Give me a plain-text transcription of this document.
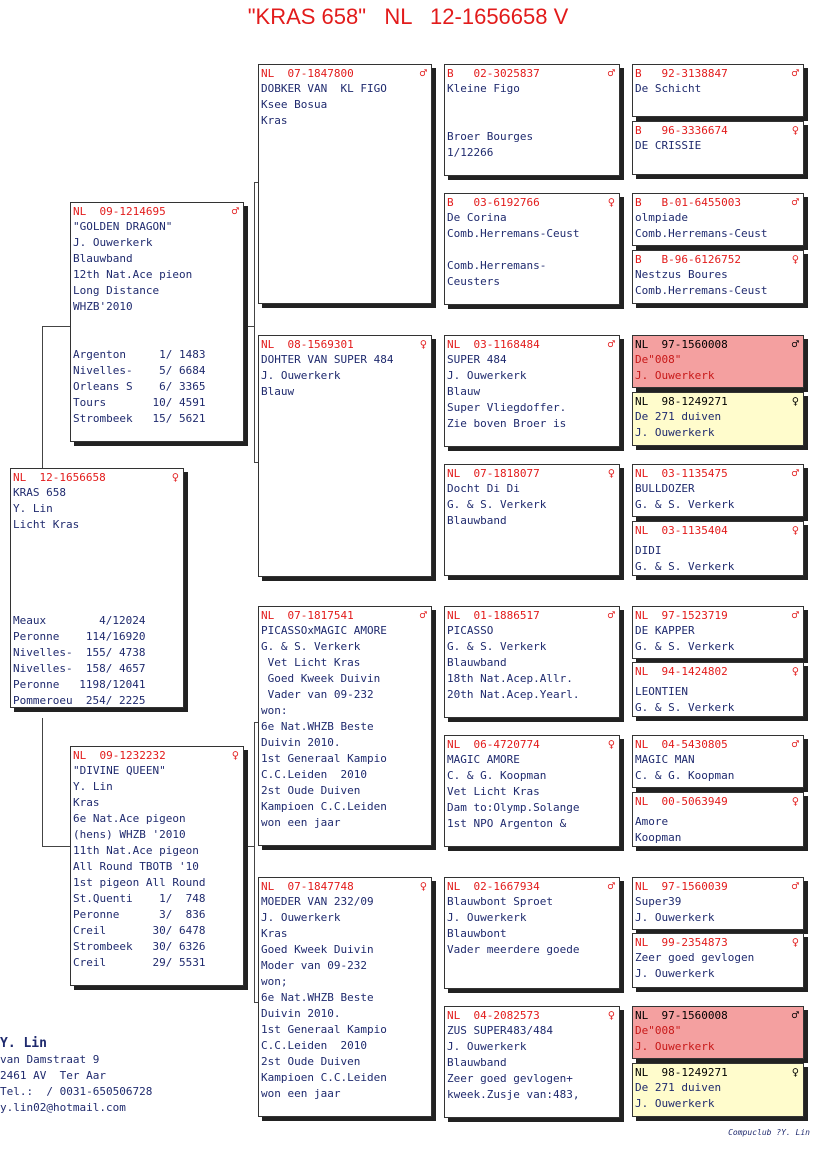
"KRAS 658"   NL   12-1656658 V
NL  12-1656658	♀
KRAS 658
Y. Lin
Licht Kras
Meaux        4/12024
Peronne    114/16920
Nivelles-  155/ 4738
Nivelles-  158/ 4657
Peronne   1198/12041
Pommeroeu  254/ 2225
NL  09-1214695	♂
"GOLDEN DRAGON"
J. Ouwerkerk
Blauwband
12th Nat.Ace pieon
Long Distance
WHZB'2010
Argenton     1/ 1483
Nivelles-    5/ 6684
Orleans S    6/ 3365
Tours       10/ 4591
Strombeek   15/ 5621
NL  09-1232232	♀
"DIVINE QUEEN"
Y. Lin
Kras
6e Nat.Ace pigeon
(hens) WHZB '2010
11th Nat.Ace pigeon
All Round TBOTB '10
1st pigeon All Round
St.Quenti    1/  748
Peronne      3/  836
Creil       30/ 6478
Strombeek   30/ 6326
Creil       29/ 5531
NL  07-1847800	♂
DOBKER VAN  KL FIGO
Ksee Bosua
Kras
NL  08-1569301	♀
DOHTER VAN SUPER 484
J. Ouwerkerk
Blauw
NL  07-1817541	♂
PICASSOxMAGIC AMORE
G. & S. Verkerk
Vet Licht Kras
Goed Kweek Duivin
Vader van 09-232
won:
6e Nat.WHZB Beste
Duivin 2010.
1st Generaal Kampio
C.C.Leiden  2010
2st Oude Duiven
Kampioen C.C.Leiden
won een jaar
NL  07-1847748	♀
MOEDER VAN 232/09
J. Ouwerkerk
Kras
Goed Kweek Duivin
Moder van 09-232
won;
6e Nat.WHZB Beste
Duivin 2010.
1st Generaal Kampio
C.C.Leiden  2010
2st Oude Duiven
Kampioen C.C.Leiden
won een jaar
B   02-3025837	♂
Kleine Figo
Broer Bourges
1/12266
B   03-6192766	♀
De Corina
Comb.Herremans-Ceust
Comb.Herremans-
Ceusters
NL  03-1168484	♂
SUPER 484
J. Ouwerkerk
Blauw
Super Vliegdoffer.
Zie boven Broer is
NL  07-1818077	♀
Docht Di Di
G. & S. Verkerk
Blauwband
NL  01-1886517	♂
PICASSO
G. & S. Verkerk
Blauwband
18th Nat.Acep.Allr.
20th Nat.Acep.Yearl.
NL  06-4720774	♀
MAGIC AMORE
C. & G. Koopman
Vet Licht Kras
Dam to:Olymp.Solange
1st NPO Argenton &
NL  02-1667934	♂
Blauwbont Sproet
J. Ouwerkerk
Blauwbont
Vader meerdere goede
NL  04-2082573	♀
ZUS SUPER483/484
J. Ouwerkerk
Blauwband
Zeer goed gevlogen+
kweek.Zusje van:483,
B   92-3138847	♂
De Schicht
B   96-3336674	♀
DE CRISSIE
B   B-01-6455003	♂
olmpiade
Comb.Herremans-Ceust
B   B-96-6126752	♀
Nestzus Boures
Comb.Herremans-Ceust
NL  97-1560008	♂
De"008"
J. Ouwerkerk
NL  98-1249271	♀
De 271 duiven
J. Ouwerkerk
NL  03-1135475	♂
BULLDOZER
G. & S. Verkerk
NL  03-1135404	♀
DIDI
G. & S. Verkerk
NL  97-1523719	♂
DE KAPPER
G. & S. Verkerk
NL  94-1424802	♀
LEONTIEN
G. & S. Verkerk
NL  04-5430805	♂
MAGIC MAN
C. & G. Koopman
NL  00-5063949	♀
Amore
Koopman
NL  97-1560039	♂
Super39
J. Ouwerkerk
NL  99-2354873	♀
Zeer goed gevlogen
J. Ouwerkerk
NL  97-1560008	♂
De"008"
J. Ouwerkerk
NL  98-1249271	♀
De 271 duiven
J. Ouwerkerk
Y. Lin
van Damstraat 9
2461 AV  Ter Aar
Tel.:  / 0031-650506728
y.lin02@hotmail.com
Compuclub ?Y. Lin
